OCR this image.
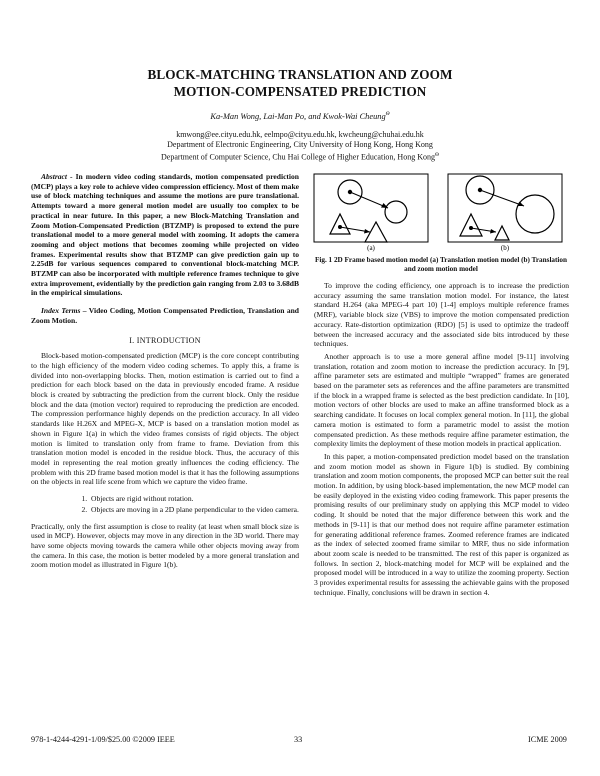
BLOCK-MATCHING TRANSLATION AND ZOOM
MOTION-COMPENSATED PREDICTION
Ka-Man Wong, Lai-Man Po, and Kwok-Wai Cheung$^\Theta$
kmwong@ee.cityu.edu.hk, eelmpo@cityu.edu.hk, kwcheung@chuhai.edu.hk
Department of Electronic Engineering, City University of Hong Kong, Hong Kong
Department of Computer Science, Chu Hai College of Higher Education, Hong Kong$^\Theta$

Abstract - In modern video coding standards, motion compensated prediction (MCP) plays a key role to achieve video compression efficiency. Most of them make use of block matching techniques and assume the motions are pure translational. Attempts toward a more general motion model are usually too complex to be practical in near future. In this paper, a new Block-Matching Translation and Zoom Motion-Compensated Prediction (BTZMP) is proposed to extend the pure translational model to a more general model with zooming. It adopts the camera zooming and object motions that becomes zooming while projected on video frames. Experimental results show that BTZMP can give prediction gain up to 2.25dB for various sequences compared to conventional block-matching MCP. BTZMP can also be incorporated with multiple reference frames technique to give extra improvement, evidentially by the prediction gain ranging from 2.03 to 3.68dB in the empirical simulations.

Index Terms – Video Coding, Motion Compensated Prediction, Translation and Zoom Motion.

I. INTRODUCTION

Block-based motion-compensated prediction (MCP) is the core concept contributing to the high efficiency of the modern video coding schemes. To apply this, a frame is divided into non-overlapping blocks. Then, motion estimation is carried out to find a prediction for each block based on the data in previously encoded frame. A residue block is created by subtracting the prediction from the current block. Only the residue block and the data (motion vector) required to reproducing the prediction are encoded. The compression performance highly depends on the prediction accuracy. In all video standards like H.26X and MPEG-X, MCP is based on a translation motion model as shown in Figure 1(a) in which the video frames consists of rigid objects. The object motion is limited to translation only from frame to frame. Deviation from this translation motion model is encoded in the residue block. Thus, the accuracy of this model in representing the real motion greatly influences the coding efficiency. The problem with this 2D frame based motion model is that it has the following assumptions on the objects in real life scene from which we capture the video frame.

1. Objects are rigid without rotation.
2. Objects are moving in a 2D plane perpendicular to the video camera.

Practically, only the first assumption is close to reality (at least when small block size is used in MCP). However, objects may move in any direction in the 3D world. There may have some objects moving towards the camera while other objects moving away from the camera. In this case, the motion is better modeled by a more general translation and zoom motion model as illustrated in Figure 1(b).

(a)	(b)
Fig. 1 2D Frame based motion model (a) Translation motion model (b) Translation and zoom motion model

To improve the coding efficiency, one approach is to increase the prediction accuracy assuming the same translation motion model. For instance, the latest standard H.264 (aka MPEG-4 part 10) [1-4] employs multiple reference frames (MRF), variable block size (VBS) to improve the motion compensated prediction accuracy. Rate-distortion optimization (RDO) [5] is used to optimize the tradeoff between the increased accuracy and the associated side bits introduced by these techniques.

Another approach is to use a more general affine model [9-11] involving translation, rotation and zoom motion to increase the prediction accuracy. In [9], affine parameter sets are estimated and multiple “wrapped” frames are generated based on the parameter sets as references and the affine parameters are transmitted if the block in a wrapped frame is selected as the best prediction candidate. In [10], motion vectors of other blocks are used to make an affine transformed block as a searching candidate. It focuses on local complex general motion. In [11], the global camera motion is estimated to form a parametric model to assist the motion compensated prediction. As these methods require affine parameter estimation, the complexity limits the deployment of these motion models in practical application.

In this paper, a motion-compensated prediction model based on the translation and zoom motion model as shown in Figure 1(b) is studied. By combining translation and zoom motion components, the proposed MCP can better suit the real motion. In addition, by using block-based implementation, the new MCP model can be easily deployed in the existing video coding framework. This paper presents the promising results of our preliminary study on applying this MCP model to video coding. It should be noted that the major difference between this work and the methods in [9-11] is that our method does not require affine parameter estimation for generating additional reference frames. Zoomed reference frames are indicated as the index of selected zoomed frame similar to MRF, thus no side information about zoom scale is needed to be transmitted. The rest of this paper is organized as follows. In section 2, block-matching model for MCP will be explained and the proposed model will be introduced in a way to utilize the zooming property. Section 3 provides experimental results for assessing the achievable gains with the proposed technique. Finally, conclusions will be drawn in section 4.

978-1-4244-4291-1/09/$25.00 ©2009 IEEE	33	ICME 2009
